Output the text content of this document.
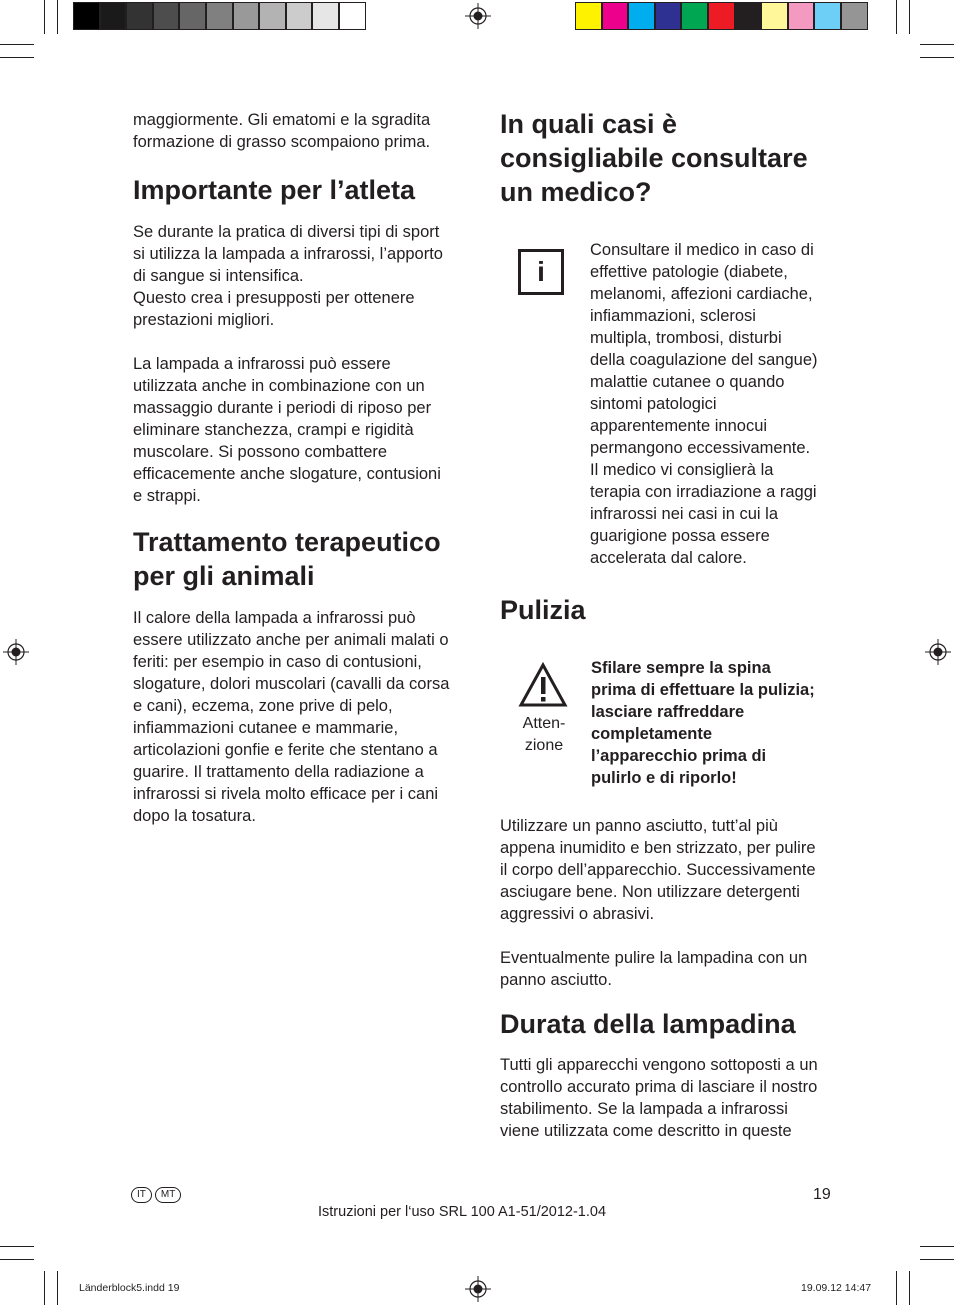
maggiormente. Gli ematomi e la sgradita
formazione di grasso scompaiono prima.

Importante per l’atleta

Se durante la pratica di diversi tipi di sport
si utilizza la lampada a infrarossi, l’apporto
di sangue si intensifica.
Questo crea i presupposti per ottenere
prestazioni migliori.

La lampada a infrarossi può essere
utilizzata anche in combinazione con un
massaggio durante i periodi di riposo per
eliminare stanchezza, crampi e rigidità
muscolare. Si possono combattere
efficacemente anche slogature, contusioni
e strappi.

Trattamento terapeutico
per gli animali

Il calore della lampada a infrarossi può
essere utilizzato anche per animali malati o
feriti: per esempio in caso di contusioni,
slogature, dolori muscolari (cavalli da corsa
e cani), eczema, zone prive di pelo,
infiammazioni cutanee e mammarie,
articolazioni gonfie e ferite che stentano a
guarire. Il trattamento della radiazione a
infrarossi si rivela molto efficace per i cani
dopo la tosatura.

In quali casi è
consigliabile consultare
un medico?
i

Consultare il medico in caso di
effettive patologie (diabete,
melanomi, affezioni cardiache,
infiammazioni, sclerosi
multipla, trombosi, disturbi
della coagulazione del sangue)
malattie cutanee o quando
sintomi patologici
apparentemente innocui
permangono eccessivamente.
Il medico vi consiglierà la
terapia con irradiazione a raggi
infrarossi nei casi in cui la
guarigione possa essere
accelerata dal calore.

Pulizia
Atten-
zione

Sfilare sempre la spina
prima di effettuare la pulizia;
lasciare raffreddare
completamente
l’apparecchio prima di
pulirlo e di riporlo!

Utilizzare un panno asciutto, tutt’al più
appena inumidito e ben strizzato, per pulire
il corpo dell’apparecchio. Successivamente
asciugare bene. Non utilizzare detergenti
aggressivi o abrasivi.

Eventualmente pulire la lampadina con un
panno asciutto.

Durata della lampadina

Tutti gli apparecchi vengono sottoposti a un
controllo accurato prima di lasciare il nostro
stabilimento. Se la lampada a infrarossi
viene utilizzata come descritto in queste

IT MT	19
Istruzioni per l‘uso SRL 100 A1-51/2012-1.04
Länderblock5.indd 19	19.09.12 14:47
